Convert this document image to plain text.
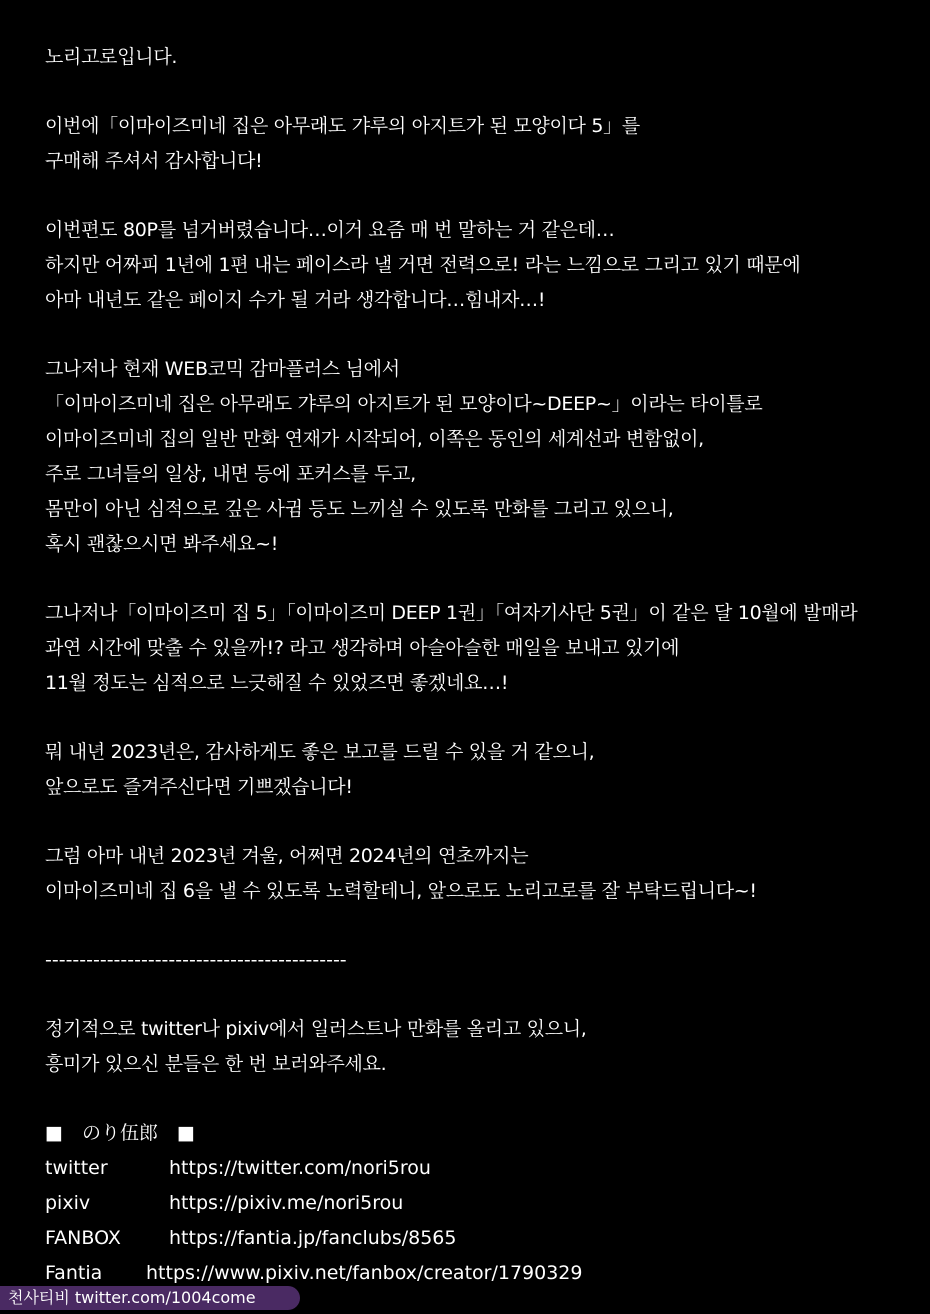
노리고로입니다.
이번에「이마이즈미네 집은 아무래도 갸루의 아지트가 된 모양이다 5」를
구매해 주셔서 감사합니다!
이번편도 80P를 넘거버렸습니다…이거 요즘 매 번 말하는 거 같은데…
하지만 어짜피 1년에 1편 내는 페이스라 낼 거면 전력으로! 라는 느낌으로 그리고 있기 때문에
아마 내년도 같은 페이지 수가 될 거라 생각합니다…힘내자…!
그나저나 현재 WEB코믹 감마플러스 님에서
「이마이즈미네 집은 아무래도 갸루의 아지트가 된 모양이다~DEEP~」이라는 타이틀로
이마이즈미네 집의 일반 만화 연재가 시작되어, 이쪽은 동인의 세계선과 변함없이,
주로 그녀들의 일상, 내면 등에 포커스를 두고,
몸만이 아닌 심적으로 깊은 사귐 등도 느끼실 수 있도록 만화를 그리고 있으니,
혹시 괜찮으시면 봐주세요~!
그나저나「이마이즈미 집 5」「이마이즈미 DEEP 1권」「여자기사단 5권」이 같은 달 10월에 발매라
과연 시간에 맞출 수 있을까!? 라고 생각하며 아슬아슬한 매일을 보내고 있기에
11월 정도는 심적으로 느긋해질 수 있었즈면 좋겠네요…!
뭐 내년 2023년은, 감사하게도 좋은 보고를 드릴 수 있을 거 같으니,
앞으로도 즐겨주신다면 기쁘겠습니다!
그럼 아마 내년 2023년 겨울, 어쩌면 2024년의 연초까지는
이마이즈미네 집 6을 낼 수 있도록 노력할테니, 앞으로도 노리고로를 잘 부탁드립니다~!
--------------------------------------------
정기적으로 twitter나 pixiv에서 일러스트나 만화를 올리고 있으니,
흥미가 있으신 분들은 한 번 보러와주세요.
■　のり伍郎　■
twitter	https://twitter.com/nori5rou
pixiv	https://pixiv.me/nori5rou
FANBOX	https://fantia.jp/fanclubs/8565
Fantia https://www.pixiv.net/fanbox/creator/1790329
천사티비 twitter.com/1004come
